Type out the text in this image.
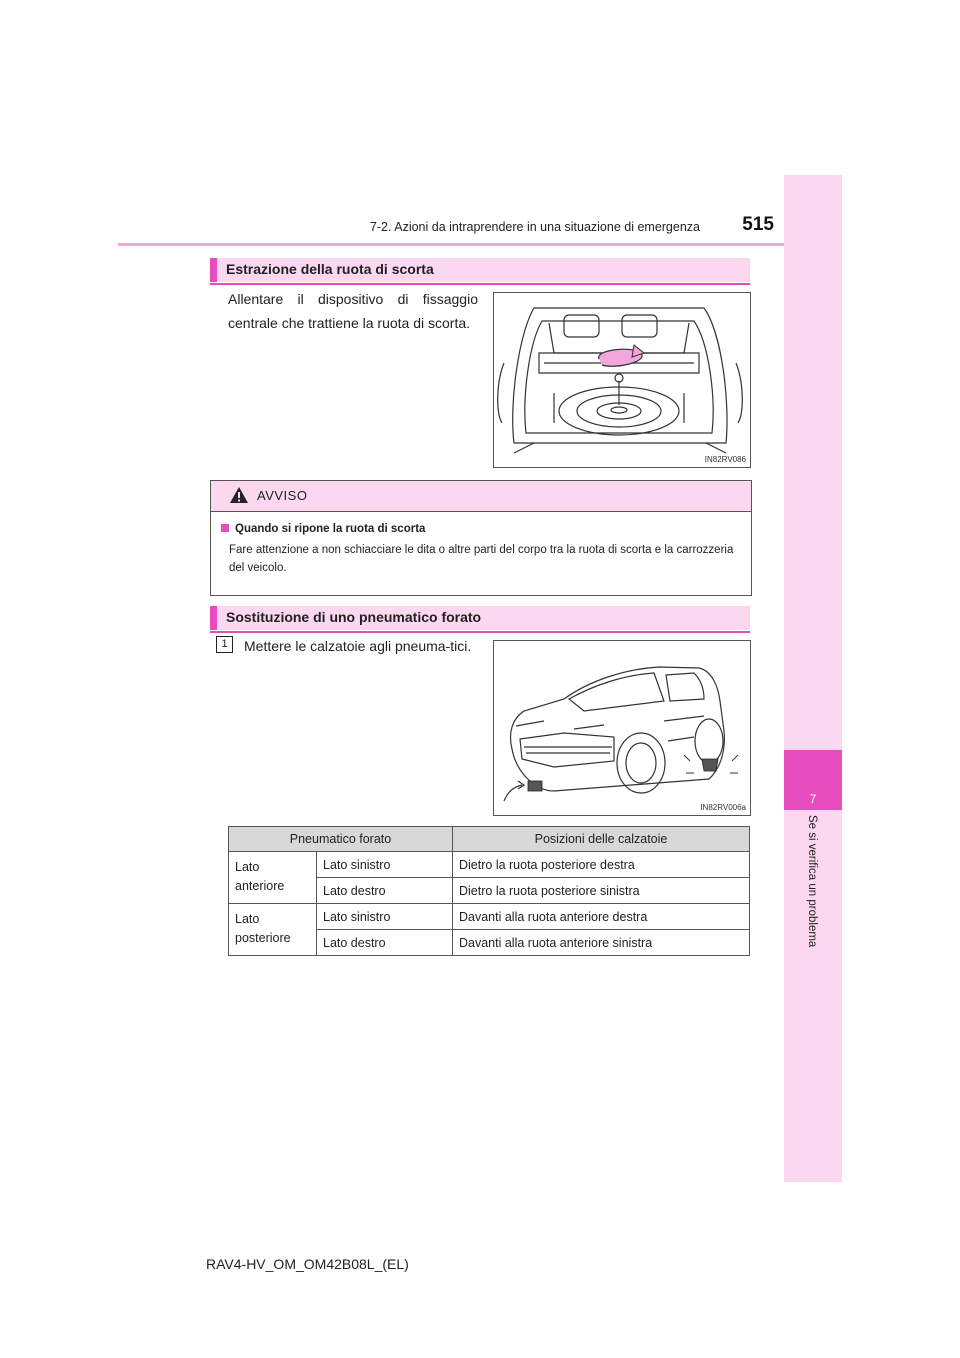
7-2. Azioni da intraprendere in una situazione di emergenza	515
7
Se si verifica un problema
Estrazione della ruota di scorta
Allentare il dispositivo di fissaggio centrale che trattiene la ruota di scorta.
IN82RV086
AVVISO
Quando si ripone la ruota di scorta
Fare attenzione a non schiacciare le dita o altre parti del corpo tra la ruota di scorta e la carrozzeria del veicolo.
Sostituzione di uno pneumatico forato
1	Mettere le calzatoie agli pneuma-tici.
IN82RV006a
Pneumatico forato		Posizioni delle calzatoie
Lato anteriore	Lato sinistro	Dietro la ruota posteriore destra
	Lato destro	Dietro la ruota posteriore sinistra
Lato posteriore	Lato sinistro	Davanti alla ruota anteriore destra
	Lato destro	Davanti alla ruota anteriore sinistra
RAV4-HV_OM_OM42B08L_(EL)
